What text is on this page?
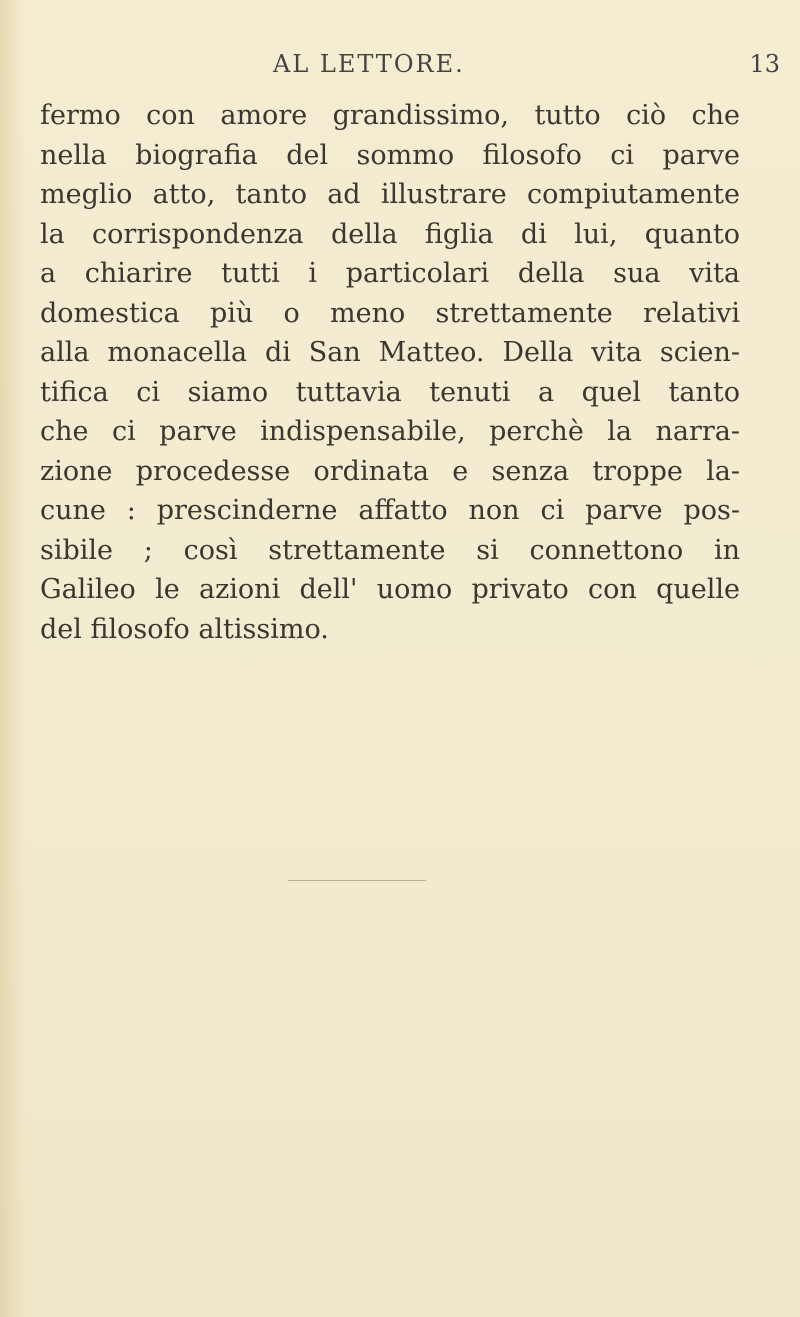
AL LETTORE.	13
fermo con amore grandissimo, tutto ciò che
nella biografia del sommo filosofo ci parve
meglio atto, tanto ad illustrare compiutamente
la corrispondenza della figlia di lui, quanto
a chiarire tutti i particolari della sua vita
domestica più o meno strettamente relativi
alla monacella di San Matteo. Della vita scien-
tifica ci siamo tuttavia tenuti a quel tanto
che ci parve indispensabile, perchè la narra-
zione procedesse ordinata e senza troppe la-
cune : prescinderne affatto non ci parve pos-
sibile ; così strettamente si connettono in
Galileo le azioni dell' uomo privato con quelle
del filosofo altissimo.
